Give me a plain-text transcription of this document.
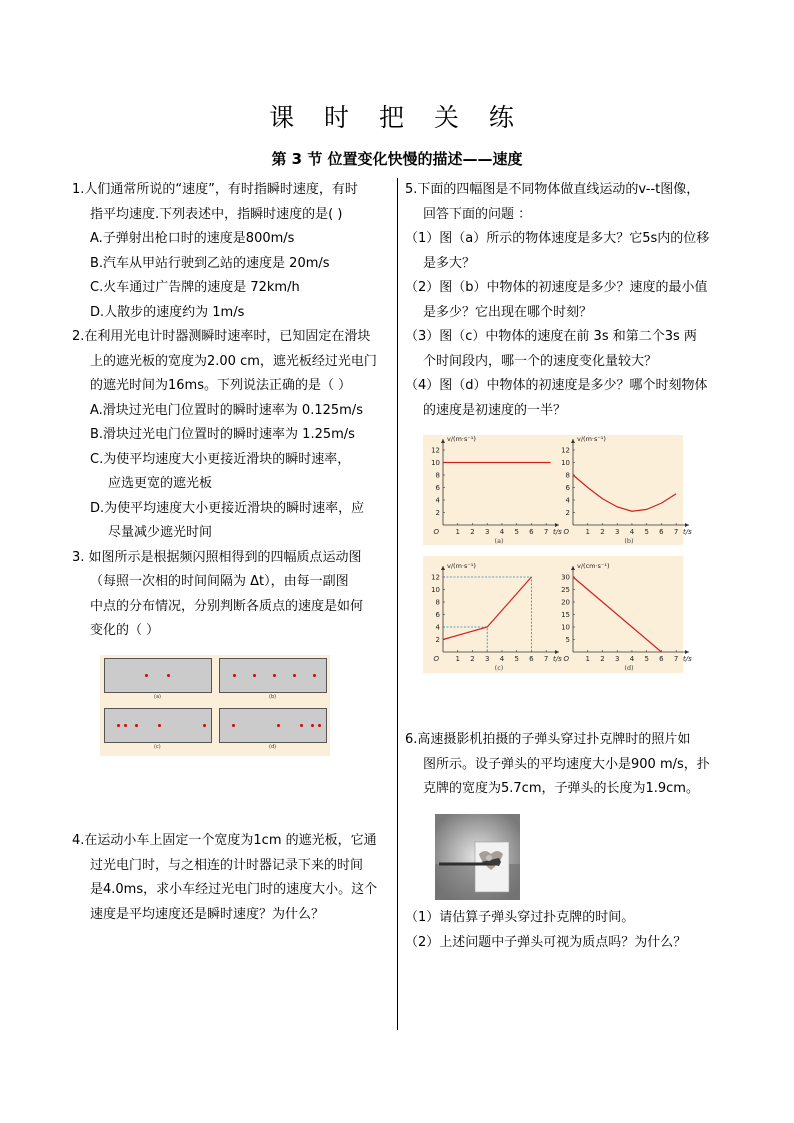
课 时 把 关 练
第 3 节 位置变化快慢的描述——速度

1.人们通常所说的“速度”，有时指瞬时速度，有时

指平均速度.下列表述中，指瞬时速度的是( )

A.子弹射出枪口时的速度是800m/s

B.汽车从甲站行驶到乙站的速度是 20m/s

C.火车通过广告牌的速度是 72km/h

D.人散步的速度约为 1m/s

2.在利用光电计时器测瞬时速率时，已知固定在滑块

上的遮光板的宽度为2.00 cm，遮光板经过光电门

的遮光时间为16ms。下列说法正确的是（ ）

A.滑块过光电门位置时的瞬时速率为 0.125m/s

B.滑块过光电门位置时的瞬时速率为 1.25m/s

C.为使平均速度大小更接近滑块的瞬时速率，

应选更宽的遮光板

D.为使平均速度大小更接近滑块的瞬时速率，应

尽量减少遮光时间

3. 如图所示是根据频闪照相得到的四幅质点运动图

（每照一次相的时间间隔为 Δt），由每一副图

中点的分布情况，分别判断各质点的速度是如何

变化的（ ）

(a)	(b)
(c)	(d)

4.在运动小车上固定一个宽度为1cm 的遮光板，它通

过光电门时，与之相连的计时器记录下来的时间

是4.0ms，求小车经过光电门时的速度大小。这个

速度是平均速度还是瞬时速度？为什么？

5.下面的四幅图是不同物体做直线运动的v--t图像，

回答下面的问题 ：

（1）图（a）所示的物体速度是多大？它5s内的位移

是多大？

（2）图（b）中物体的初速度是多少？速度的最小值

是多少？它出现在哪个时刻？

（3）图（c）中物体的速度在前 3s 和第二个3s 两

个时间段内，哪一个的速度变化量较大？

（4）图（d）中物体的初速度是多少？哪个时刻物体

的速度是初速度的一半？

1 2 3 4 5 6 7
2
4
6
8
10
12
O
v/(m·s⁻¹)
t/s
(a)
1 2 3 4 5 6 7
2
4
6
8
10
12
O
v/(m·s⁻¹)
t/s
(b)
1 2 3 4 5 6 7
2
4
6
8
10
12
O
v/(m·s⁻¹)
t/s
(c)
1 2 3 4 5 6 7
5
10
15
20
25
30
O
v/(cm·s⁻¹)
t/s
(d)

6.高速摄影机拍摄的子弹头穿过扑克牌时的照片如

图所示。设子弹头的平均速度大小是900 m/s，扑

克牌的宽度为5.7cm，子弹头的长度为1.9cm。

（1）请估算子弹头穿过扑克牌的时间。

（2）上述问题中子弹头可视为质点吗？为什么？
